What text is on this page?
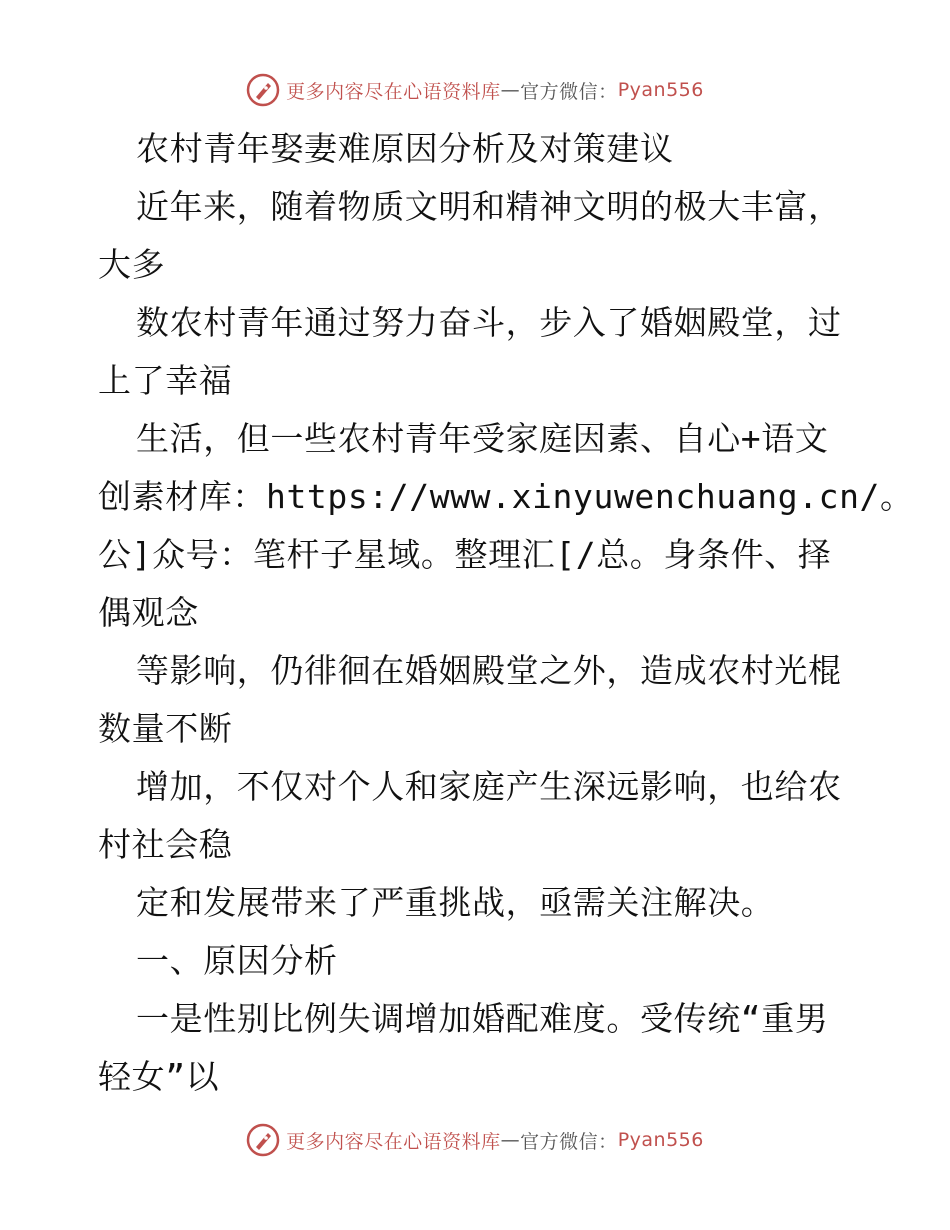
更多内容尽在心语资料库 — 官方微信： Pyan556
农村青年娶妻难原因分析及对策建议
近年来，随着物质文明和精神文明的极大丰富，
大多
数农村青年通过努力奋斗，步入了婚姻殿堂，过
上了幸福
生活，但一些农村青年受家庭因素、自心+语文
创素材库：https://www.xinyuwenchuang.cn/。
公]众号：笔杆子星域。整理汇[/总。身条件、择
偶观念
等影响，仍徘徊在婚姻殿堂之外，造成农村光棍
数量不断
增加，不仅对个人和家庭产生深远影响，也给农
村社会稳
定和发展带来了严重挑战，亟需关注解决。
一、原因分析
一是性别比例失调增加婚配难度。受传统“重男
轻女”以
更多内容尽在心语资料库 — 官方微信： Pyan556
